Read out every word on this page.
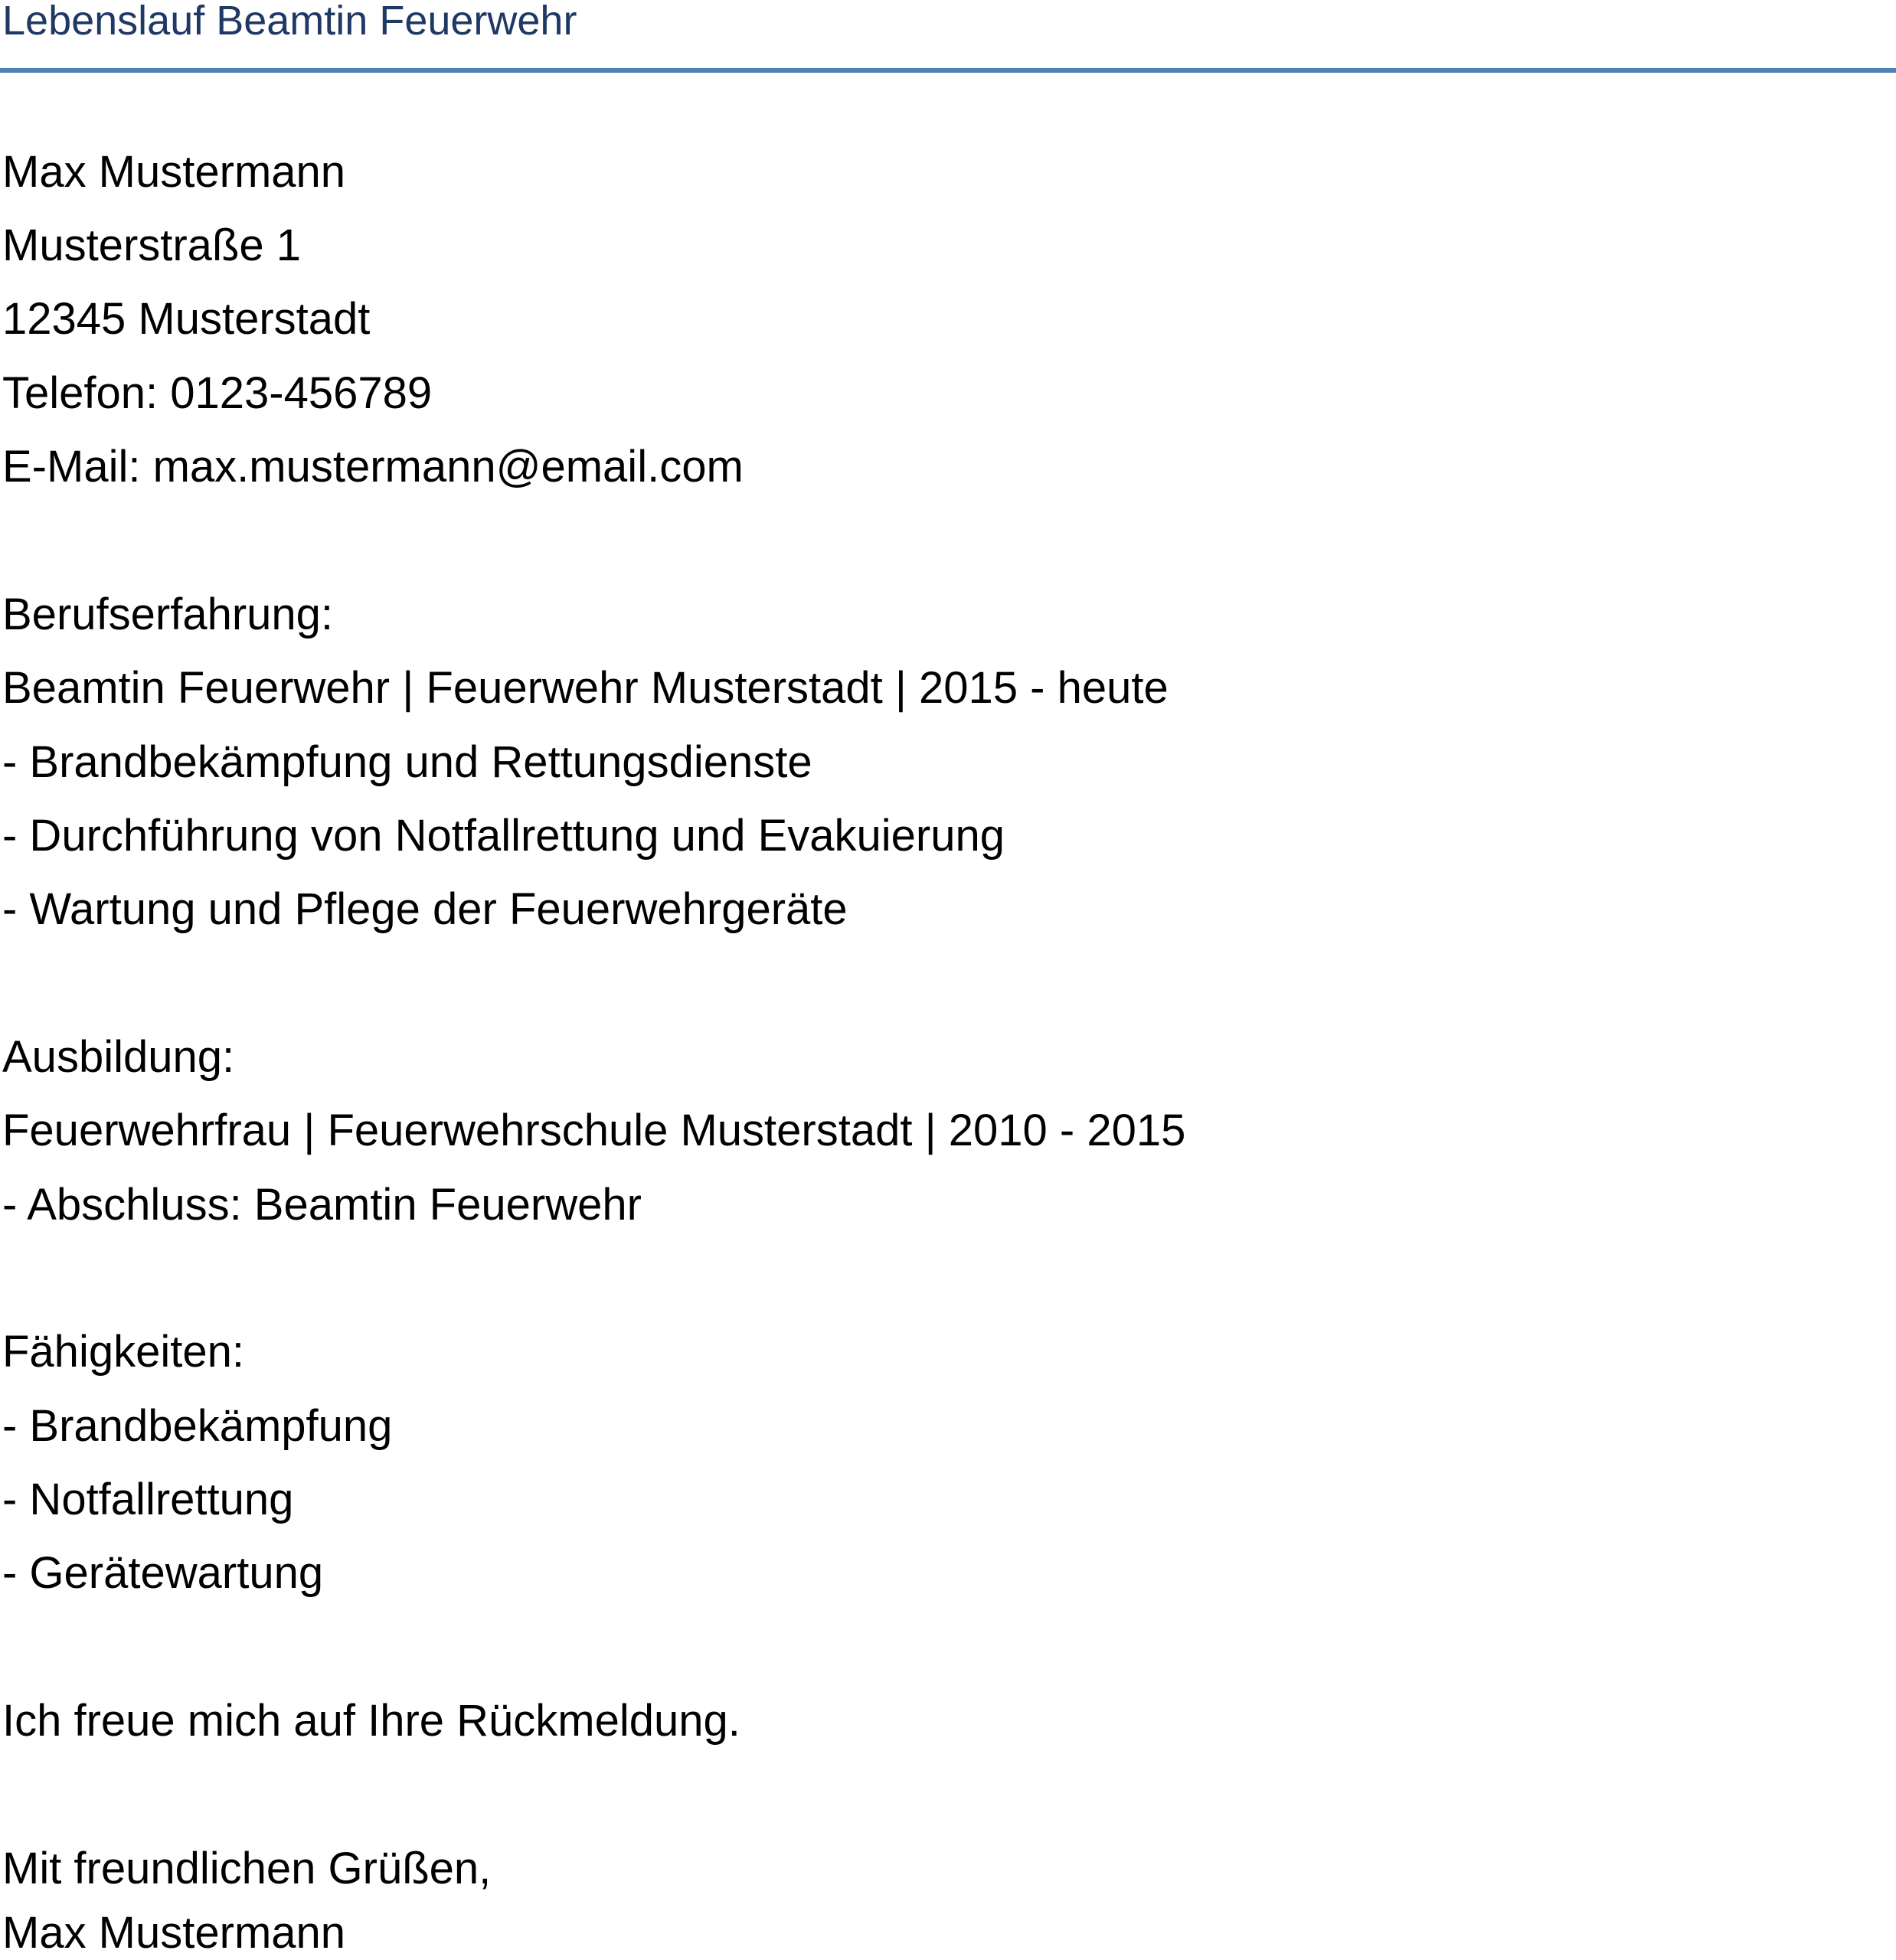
Lebenslauf Beamtin Feuerwehr

Max Mustermann

Musterstraße 1

12345 Musterstadt

Telefon: 0123-456789

E-Mail: max.mustermann@email.com

Berufserfahrung:

Beamtin Feuerwehr | Feuerwehr Musterstadt | 2015 - heute

- Brandbekämpfung und Rettungsdienste

- Durchführung von Notfallrettung und Evakuierung

- Wartung und Pflege der Feuerwehrgeräte

Ausbildung:

Feuerwehrfrau | Feuerwehrschule Musterstadt | 2010 - 2015

- Abschluss: Beamtin Feuerwehr

Fähigkeiten:

- Brandbekämpfung

- Notfallrettung

- Gerätewartung

Ich freue mich auf Ihre Rückmeldung.

Mit freundlichen Grüßen,

Max Mustermann
